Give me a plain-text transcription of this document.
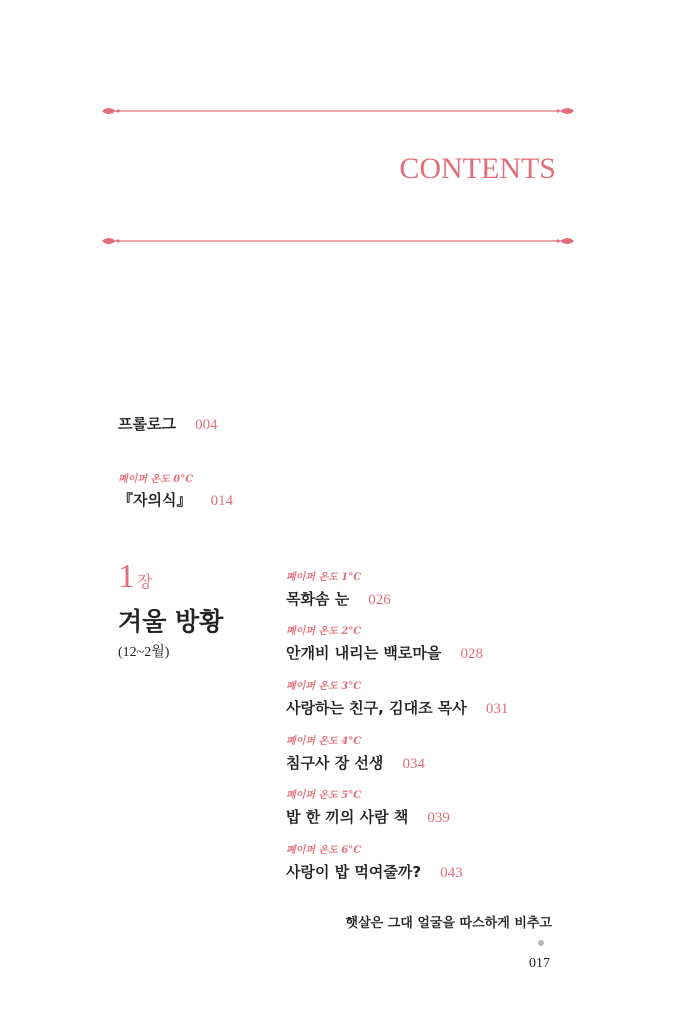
CONTENTS
프롤로그 004
폐이퍼 온도 0°C
『자의식』 014
1 장
겨울 방황
(12~2월)
폐이퍼 온도 1°C
목화솜 눈 026
폐이퍼 온도 2°C
안개비 내리는 백로마을 028
폐이퍼 온도 3°C
사랑하는 친구, 김대조 목사 031
폐이퍼 온도 4°C
침구사 장 선생 034
폐이퍼 온도 5°C
밥 한 끼의 사람 책 039
폐이퍼 온도 6°C
사랑이 밥 먹여줄까? 043
햇살은 그대 얼굴을 따스하게 비추고
017
